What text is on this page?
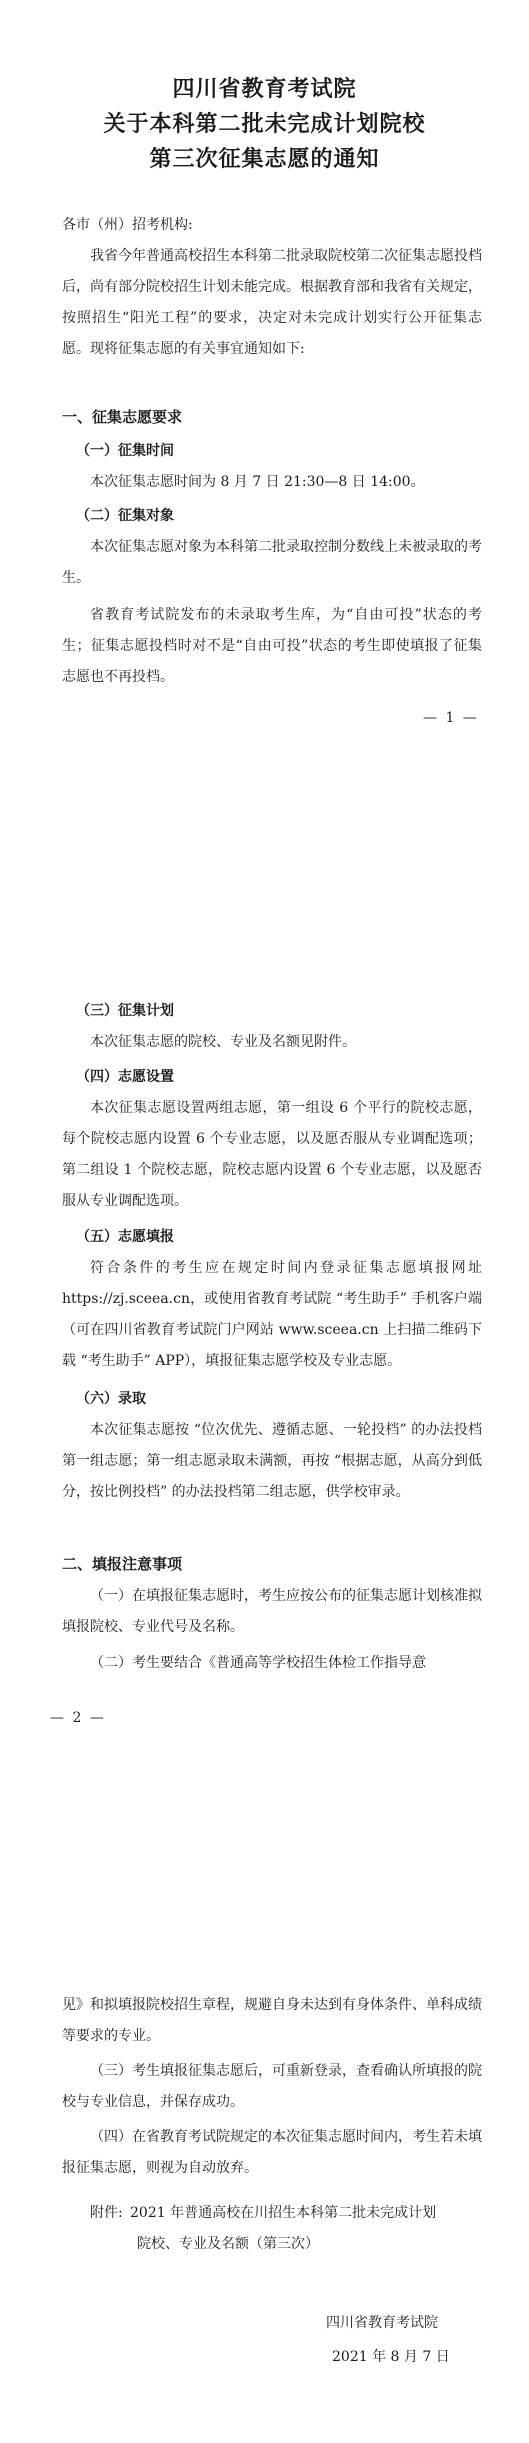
四川省教育考试院
关于本科第二批未完成计划院校
第三次征集志愿的通知

各市（州）招考机构:

我省今年普通高校招生本科第二批录取院校第二次征集志愿投档后，尚有部分院校招生计划未能完成。根据教育部和我省有关规定，按照招生“阳光工程”的要求，决定对未完成计划实行公开征集志愿。现将征集志愿的有关事宜通知如下:

一、征集志愿要求
（一）征集时间

本次征集志愿时间为 8 月 7 日 21:30—8 日 14:00。

（二）征集对象

本次征集志愿对象为本科第二批录取控制分数线上未被录取的考生。

省教育考试院发布的未录取考生库，为“自由可投”状态的考生；征集志愿投档时对不是“自由可投”状态的考生即使填报了征集志愿也不再投档。

— 1 —
（三）征集计划

本次征集志愿的院校、专业及名额见附件。

（四）志愿设置

本次征集志愿设置两组志愿，第一组设 6 个平行的院校志愿，每个院校志愿内设置 6 个专业志愿，以及愿否服从专业调配选项；第二组设 1 个院校志愿，院校志愿内设置 6 个专业志愿，以及愿否服从专业调配选项。

（五）志愿填报

符合条件的考生应在规定时间内登录征集志愿填报网址 https://zj.sceea.cn，或使用省教育考试院 “考生助手” 手机客户端（可在四川省教育考试院门户网站 www.sceea.cn 上扫描二维码下载 “考生助手” APP），填报征集志愿学校及专业志愿。

（六）录取

本次征集志愿按 “位次优先、遵循志愿、一轮投档” 的办法投档第一组志愿；第一组志愿录取未满额，再按 “根据志愿，从高分到低分，按比例投档” 的办法投档第二组志愿，供学校审录。

二、填报注意事项

（一）在填报征集志愿时，考生应按公布的征集志愿计划核准拟填报院校、专业代号及名称。

（二）考生要结合《普通高等学校招生体检工作指导意

— 2 —

见》和拟填报院校招生章程，规避自身未达到有身体条件、单科成绩等要求的专业。

（三）考生填报征集志愿后，可重新登录，查看确认所填报的院校与专业信息，并保存成功。

（四）在省教育考试院规定的本次征集志愿时间内，考生若未填报征集志愿，则视为自动放弃。

附件: 2021 年普通高校在川招生本科第二批未完成计划
院校、专业及名额（第三次）
四川省教育考试院
2021 年 8 月 7 日
